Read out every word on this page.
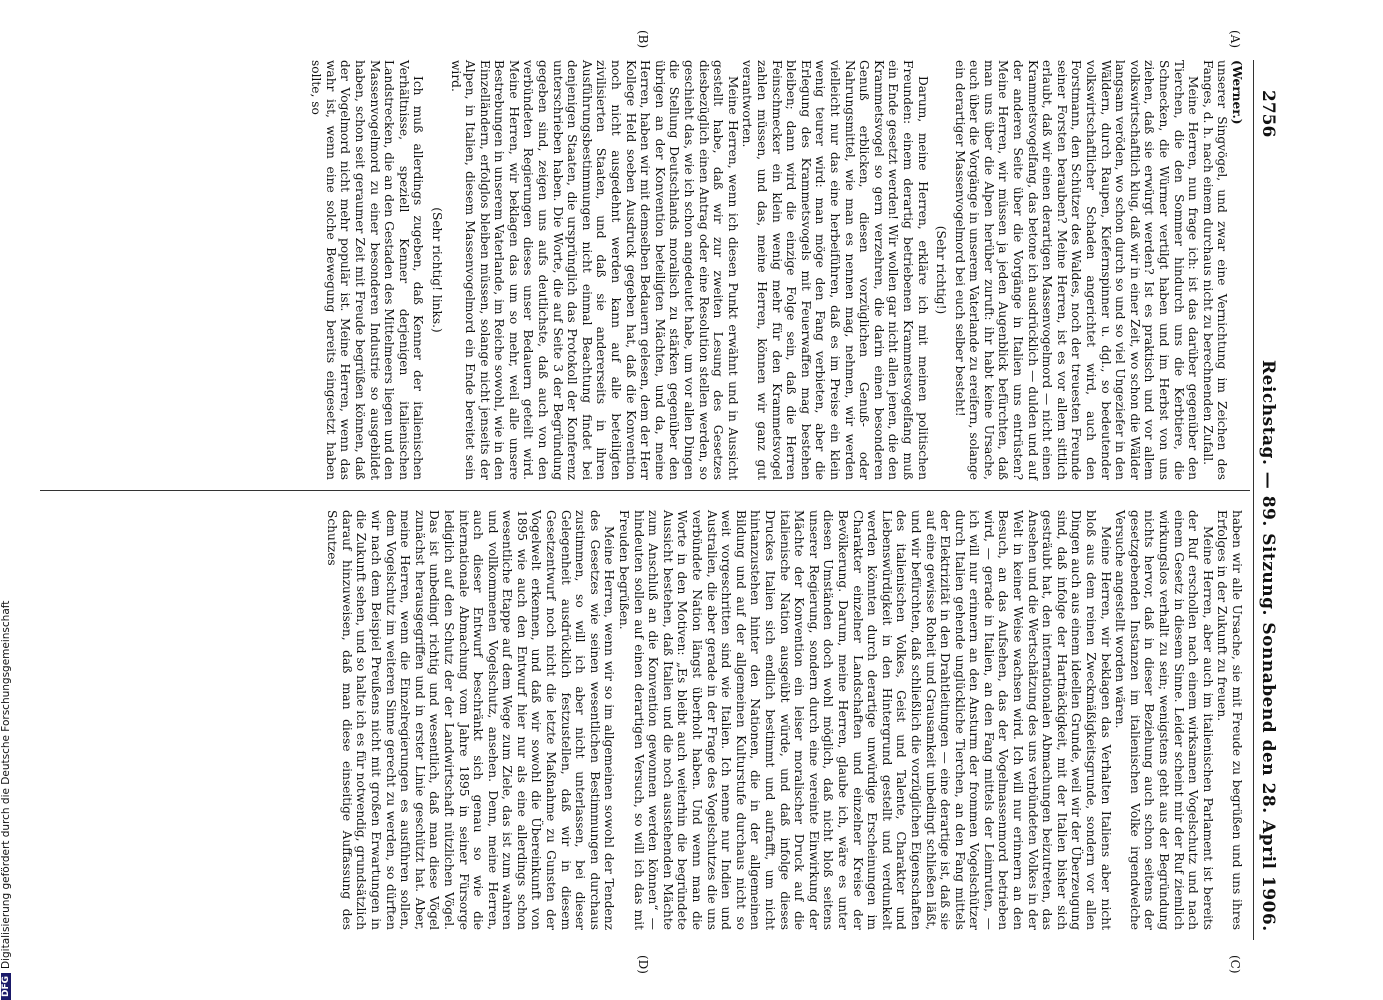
2756
Reichstag. — 89. Sitzung. Sonnabend den 28. April 1906.
(A)
(B)
(C)
(D)

(Werner.)

unserer Singvögel, und zwar eine Vernichtung im Zeichen des Fanges, d. h. nach einem durchaus nicht zu berechnenden Zufall.

Meine Herren, nun frage ich: ist das darüber gegenüber den Tierchen, die den Sommer hindurch uns die Kerbtiere, die Schnecken, die Würmer vertilgt haben und im Herbst von uns ziehen, daß sie erwürgt werden? Ist es praktisch und vor allem volkswirtschaftlich klug, daß wir in einer Zeit, wo schon die Wälder langsam veröden, wo schon durch so und so viel Ungeziefer in den Wäldern, durch Raupen, Kiefernspinner u. dgl., so bedeutender volkswirtschaftlicher Schaden angerichtet wird, auch den Forstmann, den Schützer des Waldes, noch der treuesten Freunde seiner Forsten berauben? Meine Herren, ist es vor allem sittlich erlaubt, daß wir einen derartigen Massenvogelmord — nicht einen Krammetsvogelfang, das betone ich ausdrücklich — dulden und auf der anderen Seite über die Vorgänge in Italien uns entrüsten? Meine Herren, wir müssen ja jeden Augenblick befürchten, daß man uns über die Alpen herüber zuruft: ihr habt keine Ursache, euch über die Vorgänge in unserem Vaterlande zu ereifern, solange ein derartiger Massenvogelmord bei euch selber besteht!

(Sehr richtig!)

Darum, meine Herren, erkläre ich mit meinen politischen Freunden: einem derartig betriebenen Krammetsvogelfang muß ein Ende gesetzt werden! Wir wollen gar nicht allen jenen, die den Krammetsvogel so gern verzehren, die darin einen besonderen Genuß erblicken, diesen vorzüglichen Genuß- oder Nahrungsmittel, wie man es nennen mag, nehmen, wir werden vielleicht nur das eine herbeiführen, daß es im Preise ein klein wenig teurer wird: man möge den Fang verbieten, aber die Erlegung des Krammetsvogels mit Feuerwaffen mag bestehen bleiben; dann wird die einzige Folge sein, daß die Herren Feinschmecker ein klein wenig mehr für den Krammetsvogel zahlen müssen, und das, meine Herren, können wir ganz gut verantworten.

Meine Herren, wenn ich diesen Punkt erwähnt und in Aussicht gestellt habe, daß wir zur zweiten Lesung des Gesetzes diesbezüglich einen Antrag oder eine Resolution stellen werden, so geschieht das, wie ich schon angedeutet habe, um vor allen Dingen die Stellung Deutschlands moralisch zu stärken gegenüber den übrigen an der Konvention beteiligten Mächten, und da, meine Herren, haben wir mit demselben Bedauern gelesen, dem der Herr Kollege Held soeben Ausdruck gegeben hat, daß die Konvention noch nicht ausgedehnt werden kann auf alle beteiligten zivilisierten Staaten, und daß sie andererseits in ihren Ausführungsbestimmungen nicht einmal Beachtung findet bei denjenigen Staaten, die ursprünglich das Protokoll der Konferenz unterschrieben haben. Die Worte, die auf Seite 3 der Begründung gegeben sind, zeigen uns aufs deutlichste, daß auch von den verbündeten Regierungen dieses unser Bedauern geteilt wird. Meine Herren, wir beklagen das um so mehr, weil alle unsere Bestrebungen in unserem Vaterlande, im Reiche sowohl, wie in den Einzelländern, erfolglos bleiben müssen, solange nicht jenseits der Alpen, in Italien, diesem Massenvogelmord ein Ende bereitet sein wird.

(Sehr richtig! links.)

Ich muß allerdings zugeben, daß Kenner der italienischen Verhältnisse, speziell Kenner derjenigen italienischen Landstrecken, die an den Gestaden des Mittelmeers liegen und den Massenvogelmord zu einer besonderen Industrie so ausgebildet haben, schon seit geraumer Zeit mit Freude begrüßen können, daß der Vogelmord nicht mehr populär ist. Meine Herren, wenn das wahr ist, wenn eine solche Bewegung bereits eingesetzt haben sollte, so

haben wir alle Ursache, sie mit Freude zu begrüßen und uns ihres Erfolges in der Zukunft zu freuen.

Meine Herren, aber auch im italienischen Parlament ist bereits der Ruf erschollen nach einem wirksamen Vogelschutz und nach einem Gesetz in diesem Sinne. Leider scheint mir der Ruf ziemlich wirkungslos verhallt zu sein; wenigstens geht aus der Begründung nichts hervor, daß in dieser Beziehung auch schon seitens der gesetzgebenden Instanzen im italienischen Volke irgendwelche Versuche angestellt worden wären.

Meine Herren, wir beklagen das Verhalten Italiens aber nicht bloß aus dem reinen Zweckmäßigkeitsgrunde, sondern vor allen Dingen auch aus einem ideellen Grunde, weil wir der Überzeugung sind, daß infolge der Hartnäckigkeit, mit der Italien bisher sich gesträubt hat, den internationalen Abmachungen beizutreten, das Ansehen und die Wertschätzung des uns verbündeten Volkes in der Welt in keiner Weise wachsen wird. Ich will nur erinnern an den Besuch, an das Aufsehen, das der Vogelmassenmord betrieben wird, — gerade in Italien, an den Fang mittels der Leimruten, — ich will nur erinnern an den Ansturm der frommen Vogelschützer durch Italien gehende unglückliche Tierchen, an den Fang mittels der Elektrizität in den Drahtleitungen — eine derartige ist, daß sie auf eine gewisse Roheit und Grausamkeit unbedingt schließen läßt, und wir befürchten, daß schließlich die vorzüglichen Eigenschaften des italienischen Volkes, Geist und Talente, Charakter und Liebenswürdigkeit in den Hintergrund gestellt und verdunkelt werden könnten durch derartige unwürdige Erscheinungen im Charakter einzelner Landschaften und einzelner Kreise der Bevölkerung. Darum, meine Herren, glaube ich, wäre es unter diesen Umständen doch wohl möglich, daß nicht bloß seitens unserer Regierung, sondern durch eine vereinte Einwirkung der Mächte der Konvention ein leiser moralischer Druck auf die italienische Nation ausgeübt würde, und daß infolge dieses Druckes Italien sich endlich bestimmt und aufrafft, um nicht hintanzustehen hinter den Nationen, die in der allgemeinen Bildung und auf der allgemeinen Kulturstufe durchaus nicht so weit vorgeschritten sind wie Italien. Ich nenne nur Indien und Australien, die aber gerade in der Frage des Vogelschutzes die uns verbündete Nation längst überholt haben. Und wenn man die Worte in den Motiven: „Es bleibt auch weiterhin die begründete Aussicht bestehen, daß Italien und die noch ausstehenden Mächte zum Anschluß an die Konvention gewonnen werden können“ — hindeuten sollen auf einen derartigen Versuch, so will ich das mit Freuden begrüßen.

Meine Herren, wenn wir so im allgemeinen sowohl der Tendenz des Gesetzes wie seinen wesentlichen Bestimmungen durchaus zustimmen, so will ich aber nicht unterlassen, bei dieser Gelegenheit ausdrücklich festzustellen, daß wir in diesem Gesetzentwurf noch nicht die letzte Maßnahme zu Gunsten der Vogelwelt erkennen, und daß wir sowohl die Übereinkunft von 1895 wie auch den Entwurf hier nur als eine allerdings schon wesentliche Etappe auf dem Wege zum Ziele, das ist zum wahren und vollkommenen Vogelschutz, ansehen. Denn, meine Herren, auch dieser Entwurf beschränkt sich genau so wie die internationale Abmachung vom Jahre 1895 in seiner Fürsorge lediglich auf den Schutz der der Landwirtschaft nützlichen Vögel. Das ist unbedingt richtig und wesentlich, daß man diese Vögel zunächst herausgegriffen und in erster Linie geschützt hat. Aber, meine Herren, wenn die Einzelregierungen es ausführen sollen, dem Vogelschutz im weiteren Sinne gerecht zu werden, so dürften wir nach dem Beispiel Preußens nicht mit großen Erwartungen in die Zukunft sehen, und so halte ich es für notwendig, grundsätzlich darauf hinzuweisen, daß man diese einseitige Auffassung des Schutzes

DFGDigitalisierung gefördert durch die Deutsche Forschungsgemeinschaft
